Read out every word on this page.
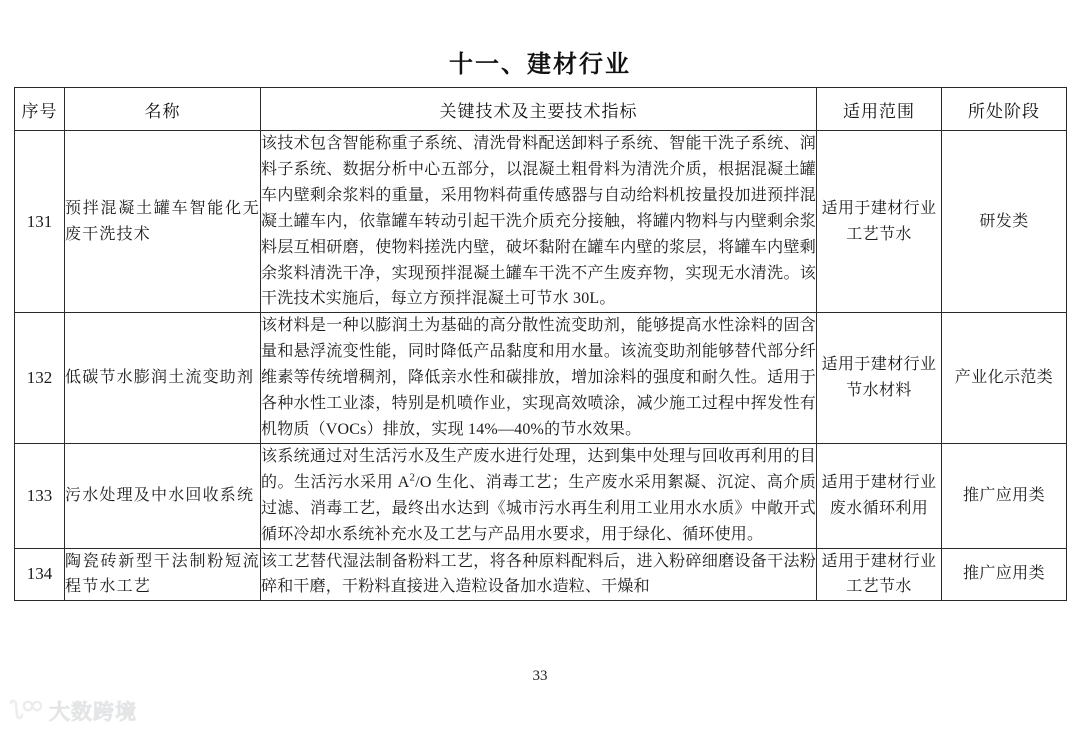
十一、建材行业
序号	名称	关键技术及主要技术指标	适用范围	所处阶段
131	预拌混凝土罐车智能化无废干洗技术	该技术包含智能称重子系统、清洗骨料配送卸料子系统、智能干洗子系统、润料子系统、数据分析中心五部分，以混凝土粗骨料为清洗介质，根据混凝土罐车内壁剩余浆料的重量，采用物料荷重传感器与自动给料机按量投加进预拌混凝土罐车内，依靠罐车转动引起干洗介质充分接触，将罐内物料与内壁剩余浆料层互相研磨，使物料搓洗内壁，破坏黏附在罐车内壁的浆层，将罐车内壁剩余浆料清洗干净，实现预拌混凝土罐车干洗不产生废弃物，实现无水清洗。该干洗技术实施后，每立方预拌混凝土可节水 30L。	适用于建材行业工艺节水	研发类
132	低碳节水膨润土流变助剂	该材料是一种以膨润土为基础的高分散性流变助剂，能够提高水性涂料的固含量和悬浮流变性能，同时降低产品黏度和用水量。该流变助剂能够替代部分纤维素等传统增稠剂，降低亲水性和碳排放，增加涂料的强度和耐久性。适用于各种水性工业漆，特别是机喷作业，实现高效喷涂，减少施工过程中挥发性有机物质（VOCs）排放，实现 14%—40%的节水效果。	适用于建材行业节水材料	产业化示范类
133	污水处理及中水回收系统	该系统通过对生活污水及生产废水进行处理，达到集中处理与回收再利用的目的。生活污水采用 $A^2/O$ 生化、消毒工艺；生产废水采用絮凝、沉淀、高介质过滤、消毒工艺，最终出水达到《城市污水再生利用工业用水水质》中敞开式循环冷却水系统补充水及工艺与产品用水要求，用于绿化、循环使用。	适用于建材行业废水循环利用	推广应用类
134	陶瓷砖新型干法制粉短流程节水工艺	该工艺替代湿法制备粉料工艺，将各种原料配料后，进入粉碎细磨设备干法粉碎和干磨，干粉料直接进入造粒设备加水造粒、干燥和	适用于建材行业工艺节水	推广应用类
33
大数跨境
